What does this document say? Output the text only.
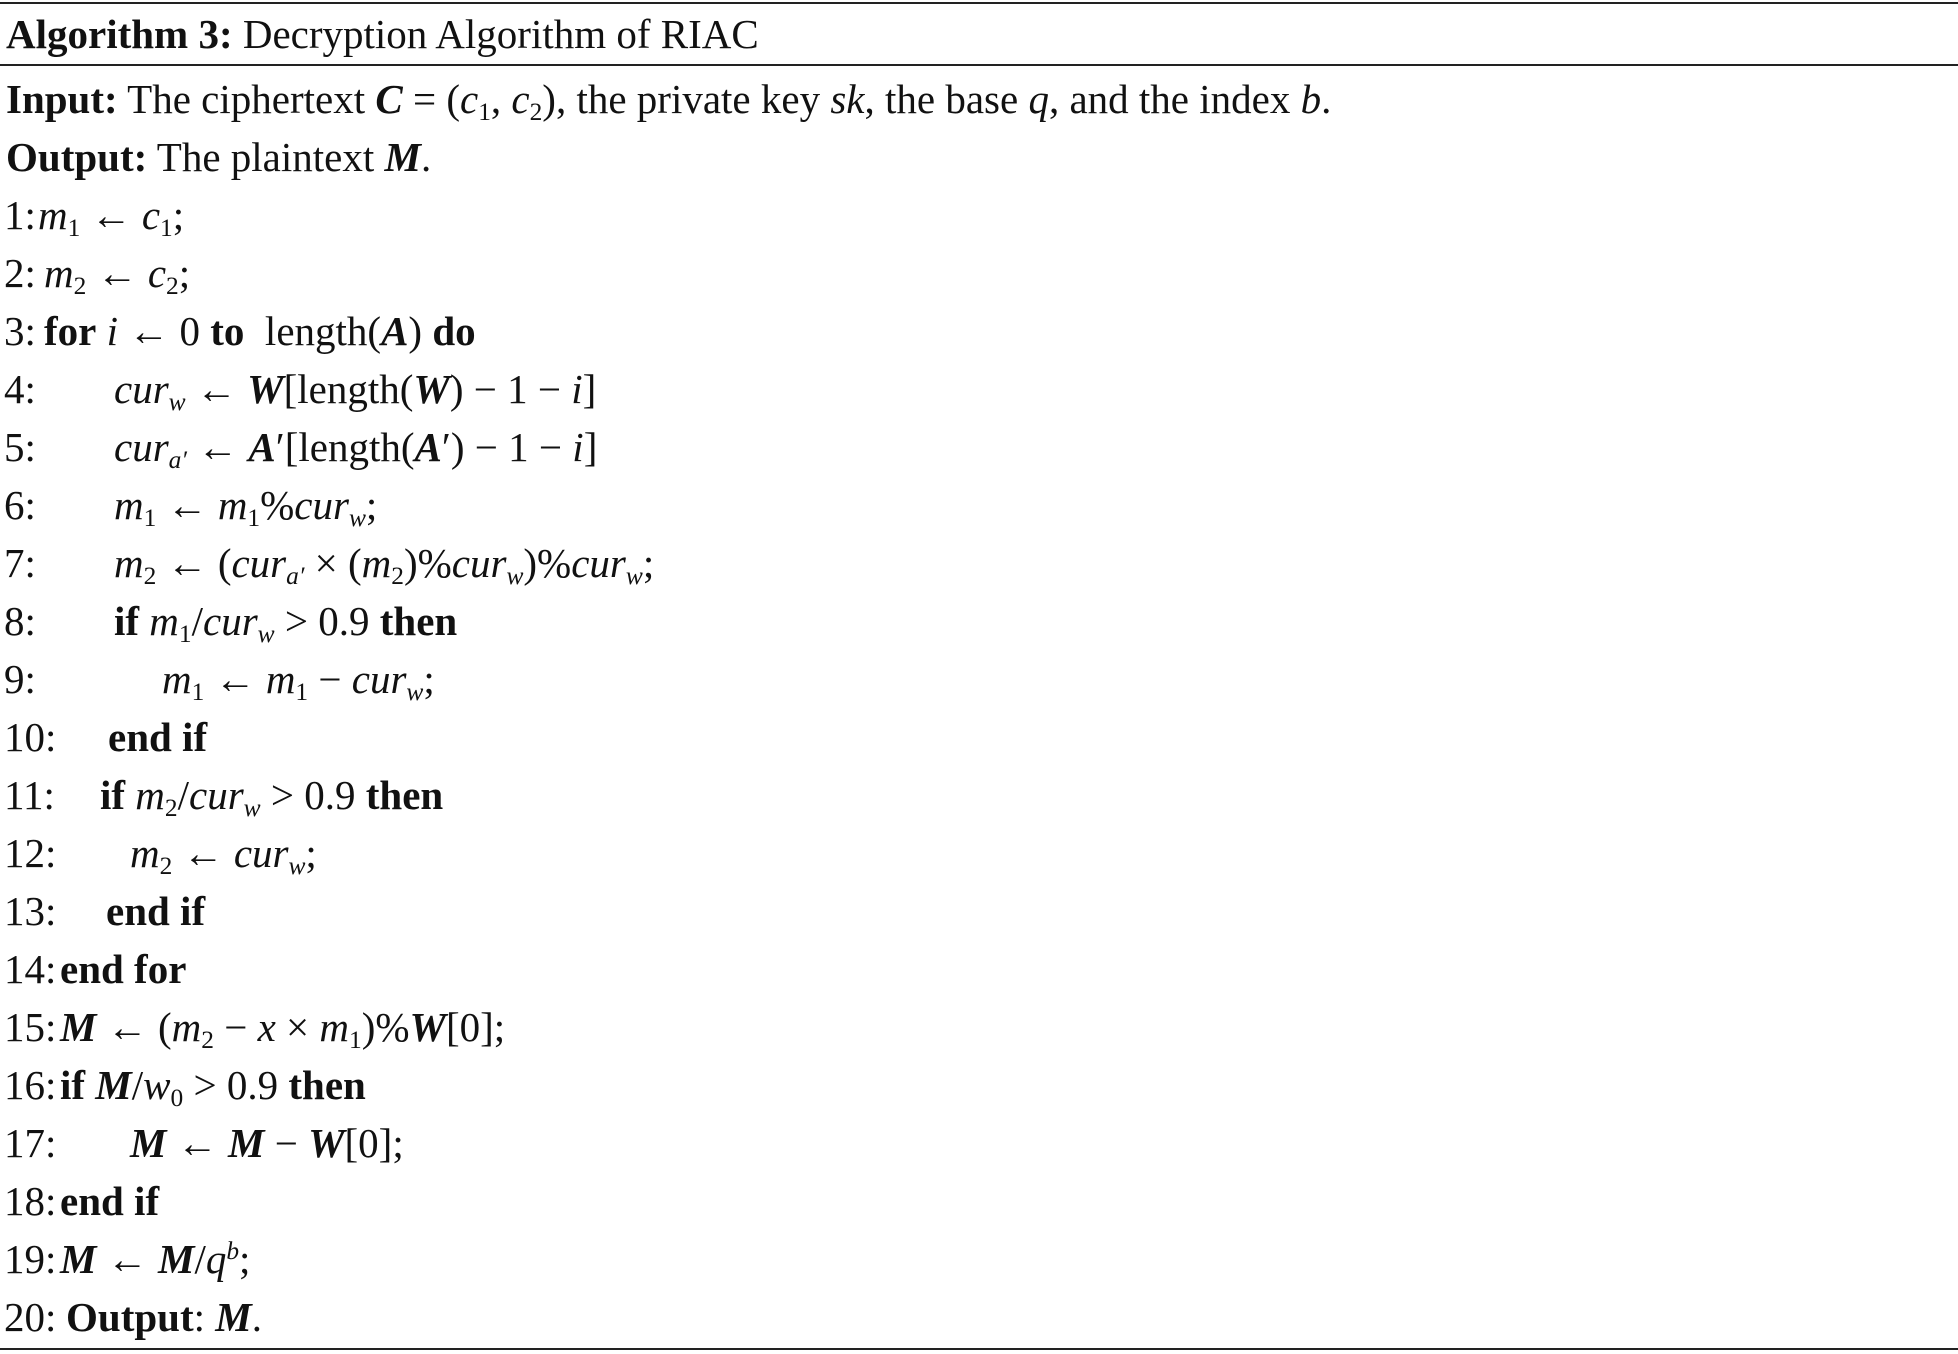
Algorithm 3: Decryption Algorithm of RIAC
Input: The ciphertext $C = (c_1$, $c_2$), the private key sk, the base q, and the index b.
Output: The plaintext M.
1: $m_1$ ← $c_1$;
2: $m_2$ ← $c_2$;
3: for i ← 0 to  length(A) do
4: cur$_w$ ← W[length(W) − 1 − i]
5: cur$_{a'}$ ← A′[length(A′) − 1 − i]
6: $m_1$ ← $m_1\%cur_w$;
7: $m_2$ ← $(cur_{a'} \times (m_2)\%cur_w)\%cur_w$;
8: if $m_1/cur_w > 0.9$ then
9:	$m_1$ ← $m_1 - cur_w$;
10: end if
11: if $m_2/cur_w > 0.9$ then
12: $m_2$ ← cur$_w$;
13: end if
14: end for
15: M ← $(m_2 - x \times m_1)\%W[0]$;
16: if $M/w_0 > 0.9$ then
17: M ← M − W[0];
18: end if
19: M ← $M/q^b$;
20: Output: M.
